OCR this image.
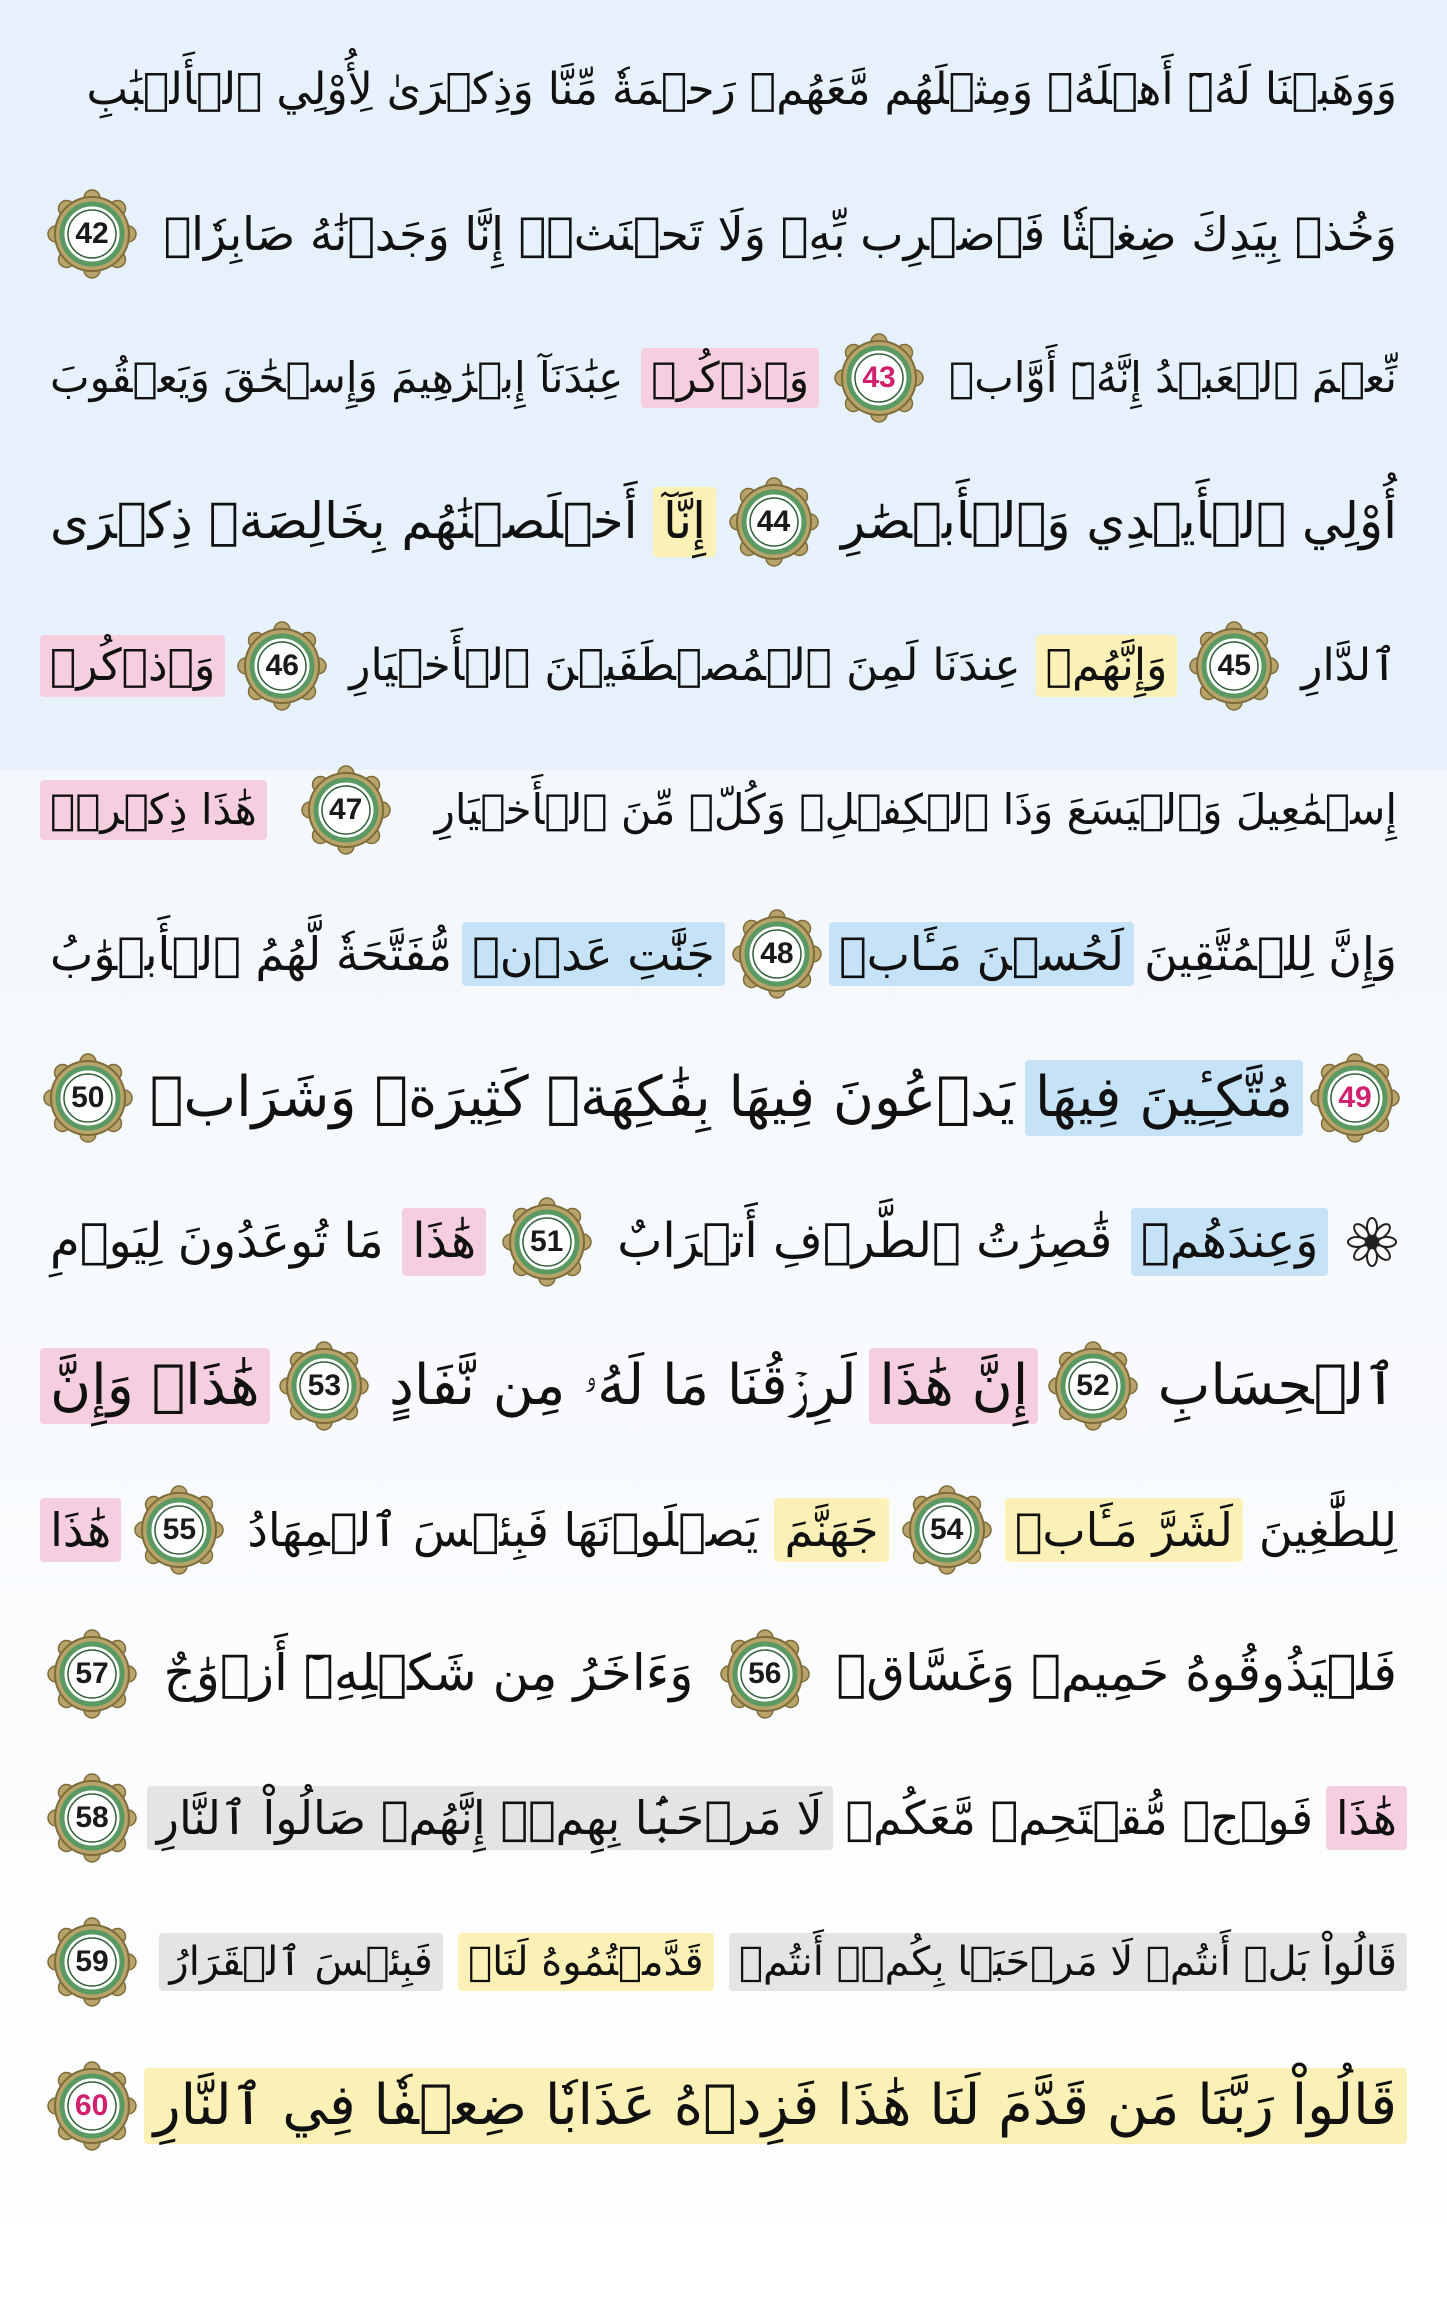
وَوَهَبۡنَا لَهُۥٓ أَهۡلَهُۥ وَمِثۡلَهُم مَّعَهُمۡ رَحۡمَةٗ مِّنَّا وَذِكۡرَىٰ لِأُوْلِي ٱلۡأَلۡبَٰبِ
وَخُذۡ بِيَدِكَ ضِغۡثٗا فَٱضۡرِب بِّهِۦ وَلَا تَحۡنَثۡۗ إِنَّا وَجَدۡنَٰهُ صَابِرٗاۚ
42
نِّعۡمَ ٱلۡعَبۡدُ إِنَّهُۥٓ أَوَّابٞ
43
وَٱذۡكُرۡ
عِبَٰدَنَآ إِبۡرَٰهِيمَ وَإِسۡحَٰقَ وَيَعۡقُوبَ
أُوْلِي ٱلۡأَيۡدِي وَٱلۡأَبۡصَٰرِ
44
إِنَّآ
أَخۡلَصۡنَٰهُم بِخَالِصَةٖ ذِكۡرَى
ٱلدَّارِ
45
وَإِنَّهُمۡ
عِندَنَا لَمِنَ ٱلۡمُصۡطَفَيۡنَ ٱلۡأَخۡيَارِ
46
وَٱذۡكُرۡ
إِسۡمَٰعِيلَ وَٱلۡيَسَعَ وَذَا ٱلۡكِفۡلِۖ وَكُلّٞ مِّنَ ٱلۡأَخۡيَارِ
47
هَٰذَا ذِكۡرٞۚ
وَإِنَّ لِلۡمُتَّقِينَ
لَحُسۡنَ مَـَٔابٖ
48
جَنَّٰتِ عَدۡنٖ
مُّفَتَّحَةٗ لَّهُمُ ٱلۡأَبۡوَٰبُ
49
مُتَّكِـِٔينَ فِيهَا
يَدۡعُونَ فِيهَا بِفَٰكِهَةٖ كَثِيرَةٖ وَشَرَابٖ
50
وَعِندَهُمۡ
قَٰصِرَٰتُ ٱلطَّرۡفِ أَتۡرَابٌ
51
هَٰذَا
مَا تُوعَدُونَ لِيَوۡمِ
ٱلۡحِسَابِ
52
إِنَّ هَٰذَا
لَرِزۡقُنَا مَا لَهُۥ مِن نَّفَادٍ
53
هَٰذَاۚ وَإِنَّ
لِلطَّٰغِينَ
لَشَرَّ مَـَٔابٖ
54
جَهَنَّمَ
يَصۡلَوۡنَهَا فَبِئۡسَ ٱلۡمِهَادُ
55
هَٰذَا
فَلۡيَذُوقُوهُ حَمِيمٞ وَغَسَّاقٞ
56
وَءَاخَرُ مِن شَكۡلِهِۦٓ أَزۡوَٰجٌ
57
هَٰذَا
فَوۡجٞ مُّقۡتَحِمٞ مَّعَكُمۡ
لَا مَرۡحَبَۢا بِهِمۡۚ إِنَّهُمۡ صَالُواْ ٱلنَّارِ
58
قَالُواْ بَلۡ أَنتُمۡ لَا مَرۡحَبَۢا بِكُمۡۖ أَنتُمۡ
قَدَّمۡتُمُوهُ لَنَاۖ
فَبِئۡسَ ٱلۡقَرَارُ
59
قَالُواْ رَبَّنَا مَن قَدَّمَ لَنَا هَٰذَا فَزِدۡهُ عَذَابٗا ضِعۡفٗا فِي ٱلنَّارِ
60
